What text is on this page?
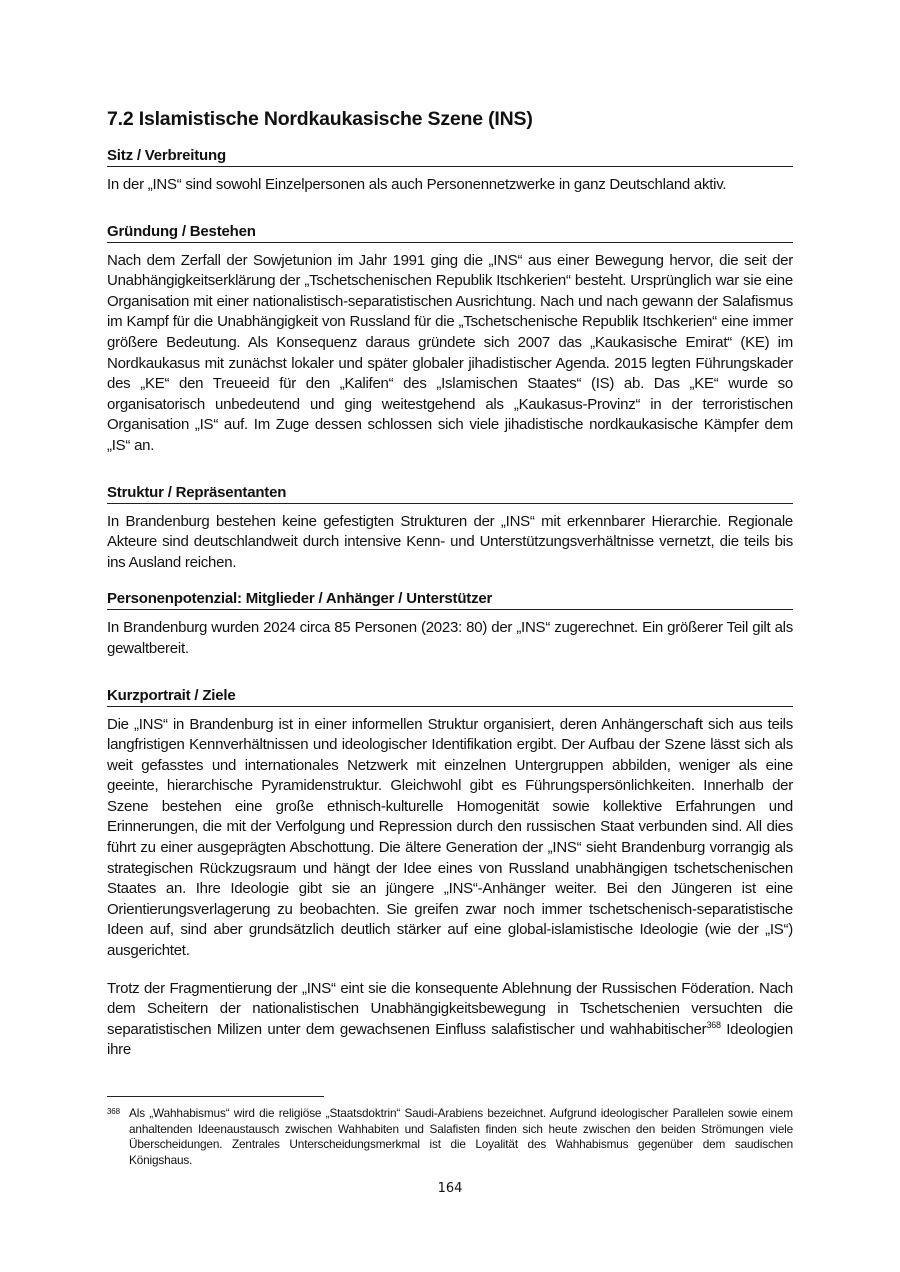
7.2 Islamistische Nordkaukasische Szene (INS)
Sitz / Verbreitung

In der „INS“ sind sowohl Einzelpersonen als auch Personennetzwerke in ganz Deutschland aktiv.

Gründung / Bestehen

Nach dem Zerfall der Sowjetunion im Jahr 1991 ging die „INS“ aus einer Bewegung hervor, die seit der Unabhängigkeitserklärung der „Tschetschenischen Republik Itschkerien“ besteht. Ursprünglich war sie eine Organisation mit einer nationalistisch-separatistischen Ausrichtung. Nach und nach gewann der Salafismus im Kampf für die Unabhängigkeit von Russland für die „Tschetschenische Republik Itschkerien“ eine immer größere Bedeutung. Als Konsequenz daraus gründete sich 2007 das „Kaukasische Emirat“ (KE) im Nordkaukasus mit zunächst lokaler und später globaler jihadistischer Agenda. 2015 legten Führungskader des „KE“ den Treueeid für den „Kalifen“ des „Islamischen Staates“ (IS) ab. Das „KE“ wurde so organisatorisch unbedeutend und ging weitestgehend als „Kaukasus-Provinz“ in der terroristischen Organisation „IS“ auf. Im Zuge dessen schlossen sich viele jihadistische nordkaukasische Kämpfer dem „IS“ an.

Struktur / Repräsentanten

In Brandenburg bestehen keine gefestigten Strukturen der „INS“ mit erkennbarer Hierarchie. Regionale Akteure sind deutschlandweit durch intensive Kenn- und Unterstützungsverhältnisse vernetzt, die teils bis ins Ausland reichen.

Personenpotenzial: Mitglieder / Anhänger / Unterstützer

In Brandenburg wurden 2024 circa 85 Personen (2023: 80) der „INS“ zugerechnet. Ein größerer Teil gilt als gewaltbereit.

Kurzportrait / Ziele

Die „INS“ in Brandenburg ist in einer informellen Struktur organisiert, deren Anhängerschaft sich aus teils langfristigen Kennverhältnissen und ideologischer Identifikation ergibt. Der Aufbau der Szene lässt sich als weit gefasstes und internationales Netzwerk mit einzelnen Untergruppen abbilden, weniger als eine geeinte, hierarchische Pyramidenstruktur. Gleichwohl gibt es Führungspersönlichkeiten. Innerhalb der Szene bestehen eine große ethnisch-kulturelle Homogenität sowie kollektive Erfahrungen und Erinnerungen, die mit der Verfolgung und Repression durch den russischen Staat verbunden sind. All dies führt zu einer ausgeprägten Abschottung. Die ältere Generation der „INS“ sieht Brandenburg vorrangig als strategischen Rückzugsraum und hängt der Idee eines von Russland unabhängigen tschetschenischen Staates an. Ihre Ideologie gibt sie an jüngere „INS“-Anhänger weiter. Bei den Jüngeren ist eine Orientierungsverlagerung zu beobachten. Sie greifen zwar noch immer tschetschenisch-separatistische Ideen auf, sind aber grundsätzlich deutlich stärker auf eine global-islamistische Ideologie (wie der „IS“) ausgerichtet.

Trotz der Fragmentierung der „INS“ eint sie die konsequente Ablehnung der Russischen Föderation. Nach dem Scheitern der nationalistischen Unabhängigkeitsbewegung in Tschetschenien versuchten die separatistischen Milizen unter dem gewachsenen Einfluss salafistischer und wahhabitischer$^{368}$ Ideologien ihre

368 Als „Wahhabismus“ wird die religiöse „Staatsdoktrin“ Saudi-Arabiens bezeichnet. Aufgrund ideologischer Parallelen sowie einem anhaltenden Ideenaustausch zwischen Wahhabiten und Salafisten finden sich heute zwischen den beiden Strömungen viele Überscheidungen. Zentrales Unterscheidungsmerkmal ist die Loyalität des Wahhabismus gegenüber dem saudischen Königshaus.
164
